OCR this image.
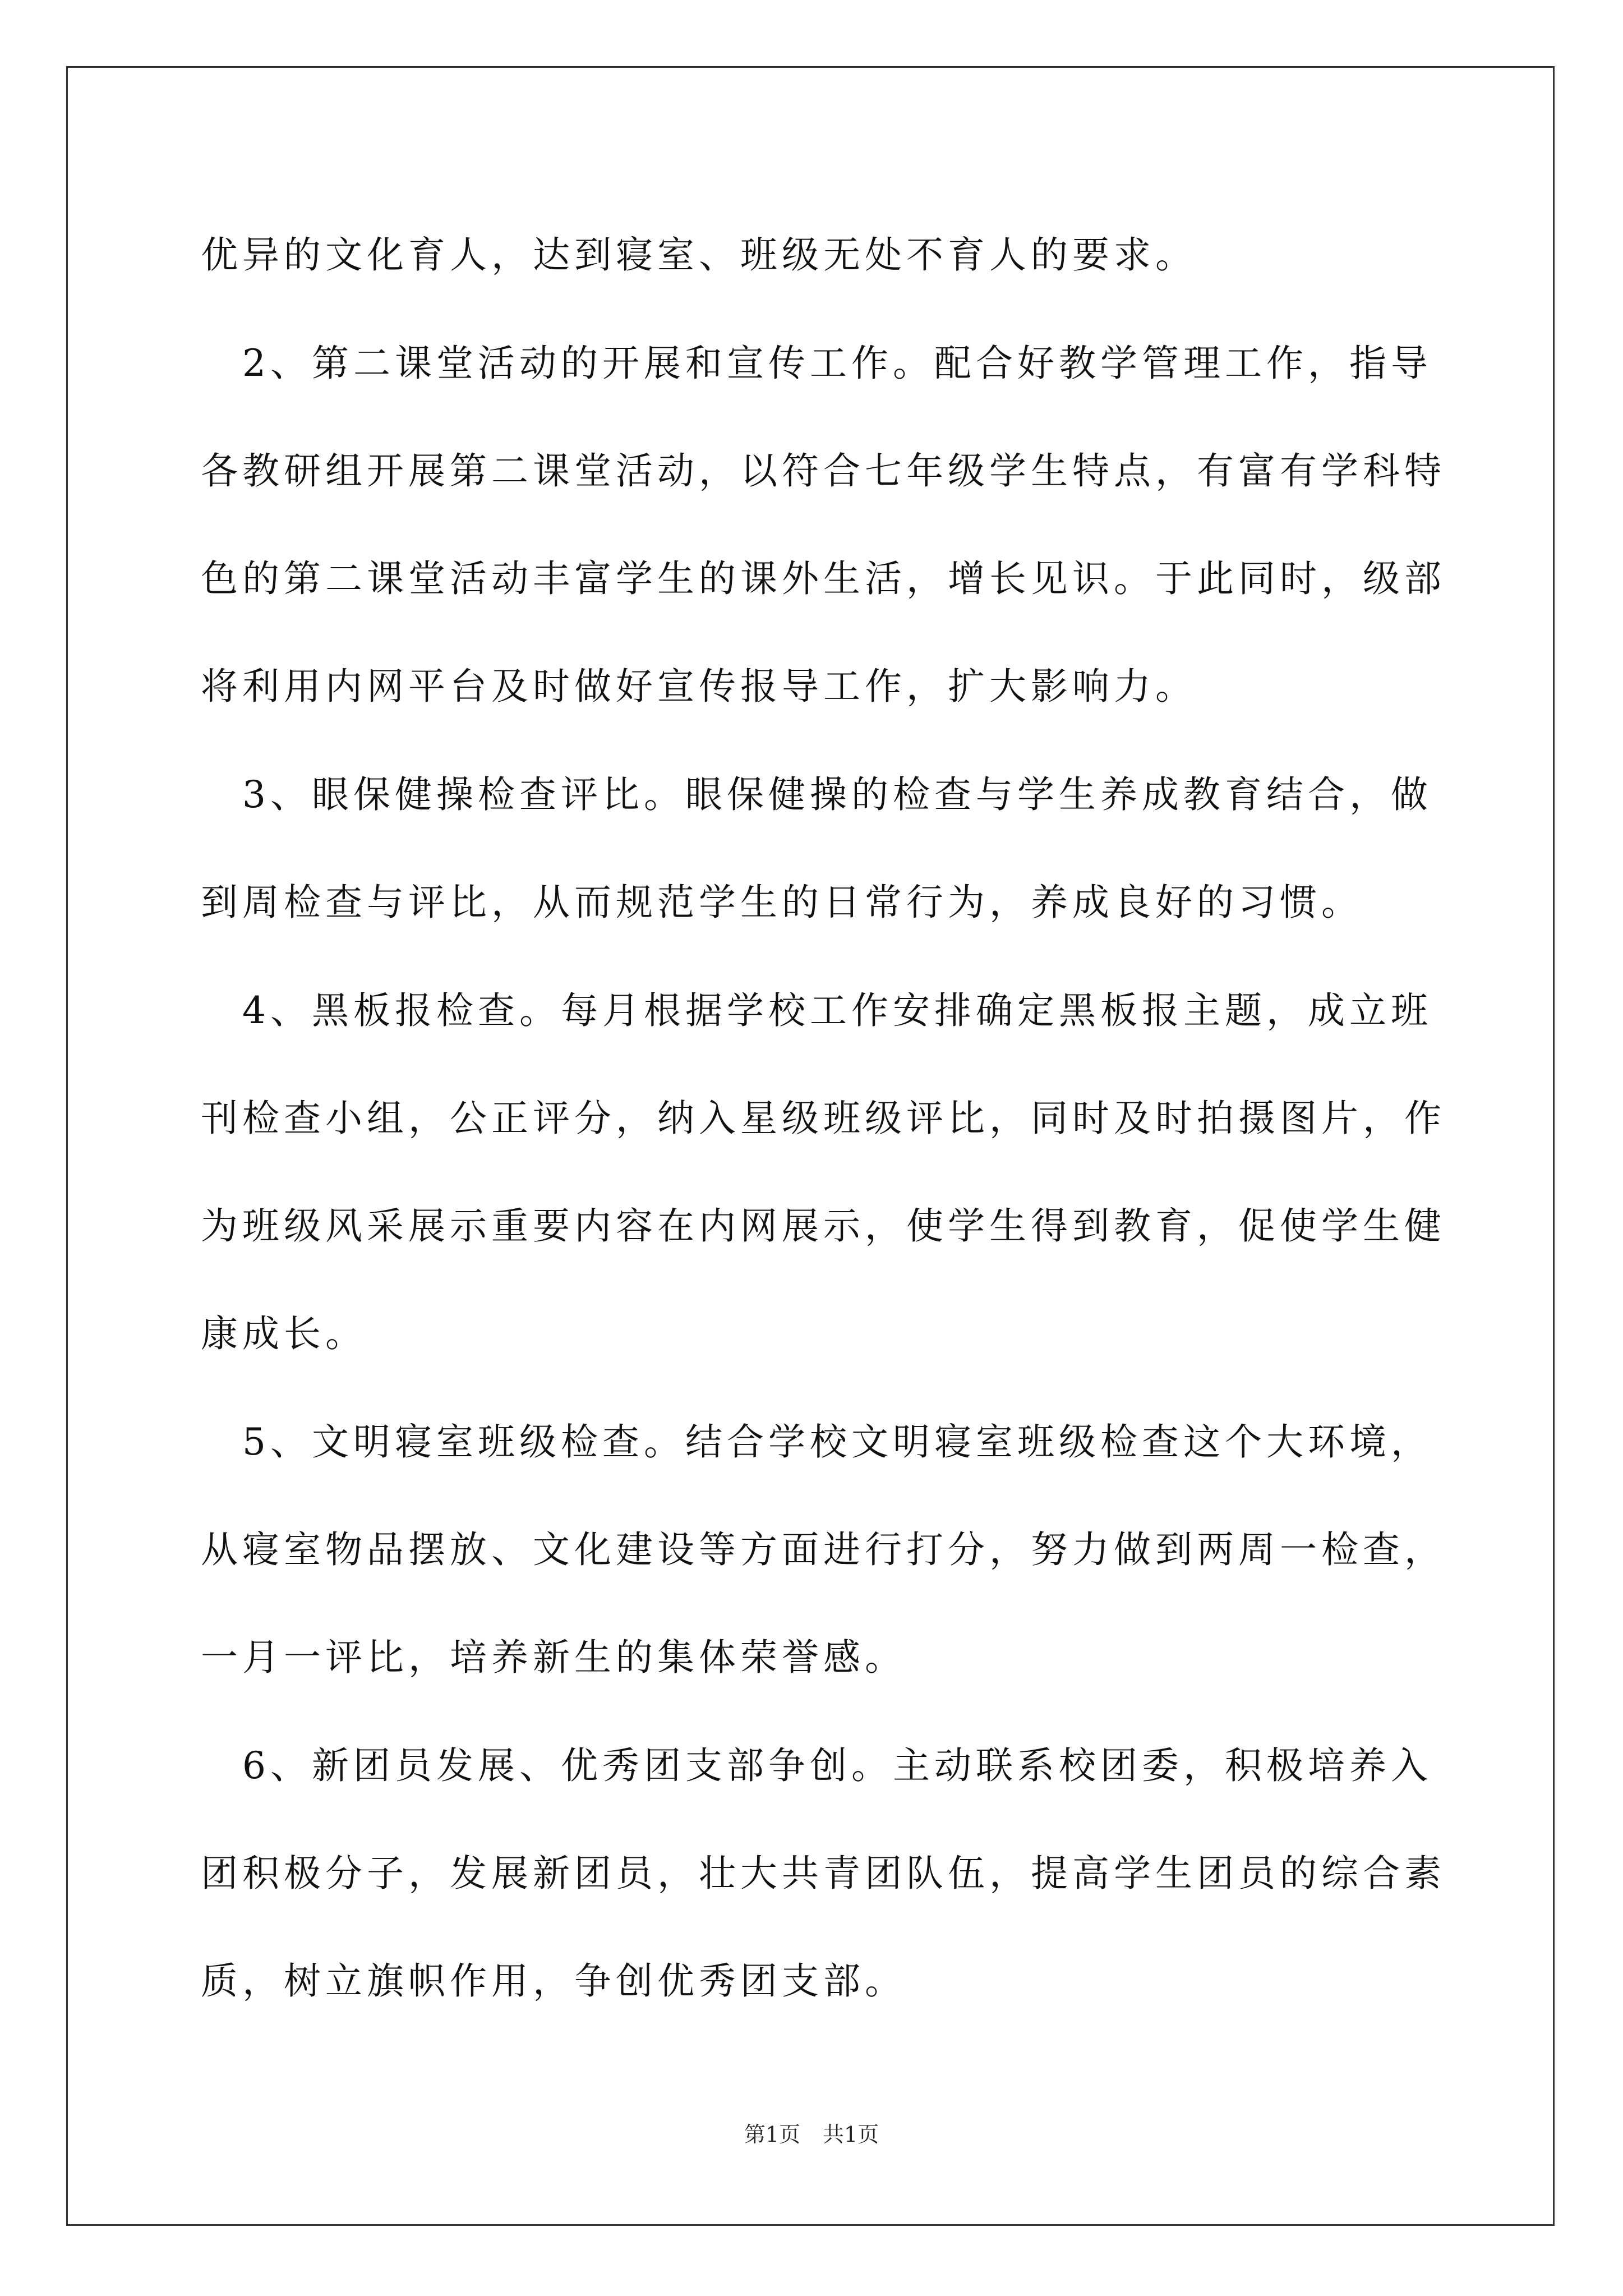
优异的文化育人，达到寝室、班级无处不育人的要求。
　2、第二课堂活动的开展和宣传工作。配合好教学管理工作，指导
各教研组开展第二课堂活动，以符合七年级学生特点，有富有学科特
色的第二课堂活动丰富学生的课外生活，增长见识。于此同时，级部
将利用内网平台及时做好宣传报导工作，扩大影响力。
　3、眼保健操检查评比。眼保健操的检查与学生养成教育结合，做
到周检查与评比，从而规范学生的日常行为，养成良好的习惯。
　4、黑板报检查。每月根据学校工作安排确定黑板报主题，成立班
刊检查小组，公正评分，纳入星级班级评比，同时及时拍摄图片，作
为班级风采展示重要内容在内网展示，使学生得到教育，促使学生健
康成长。
　5、文明寝室班级检查。结合学校文明寝室班级检查这个大环境，
从寝室物品摆放、文化建设等方面进行打分，努力做到两周一检查，
一月一评比，培养新生的集体荣誉感。
　6、新团员发展、优秀团支部争创。主动联系校团委，积极培养入
团积极分子，发展新团员，壮大共青团队伍，提高学生团员的综合素
质，树立旗帜作用，争创优秀团支部。
第1页 共1页
